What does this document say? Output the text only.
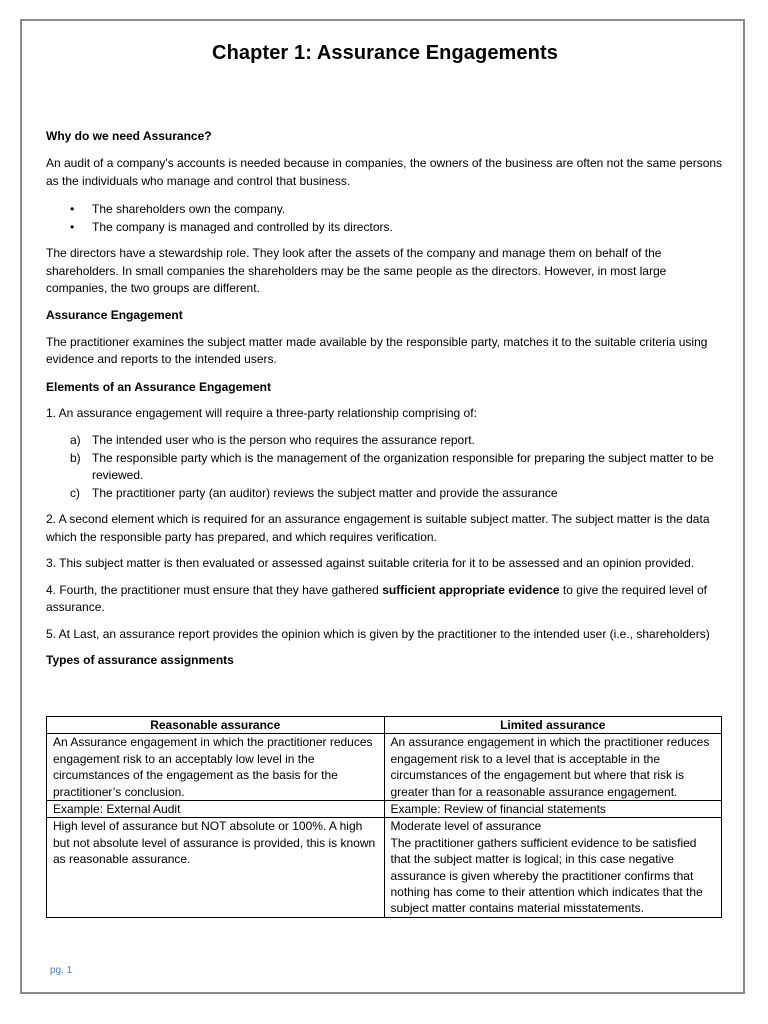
Chapter 1: Assurance Engagements
Why do we need Assurance?

An audit of a company's accounts is needed because in companies, the owners of the business are often not the same persons as the individuals who manage and control that business.

• The shareholders own the company.
• The company is managed and controlled by its directors.

The directors have a stewardship role. They look after the assets of the company and manage them on behalf of the shareholders. In small companies the shareholders may be the same people as the directors. However, in most large companies, the two groups are different.

Assurance Engagement

The practitioner examines the subject matter made available by the responsible party, matches it to the suitable criteria using evidence and reports to the intended users.

Elements of an Assurance Engagement

1. An assurance engagement will require a three-party relationship comprising of:

a) The intended user who is the person who requires the assurance report.
b) The responsible party which is the management of the organization responsible for preparing the subject matter to be reviewed.
c) The practitioner party (an auditor) reviews the subject matter and provide the assurance

2. A second element which is required for an assurance engagement is suitable subject matter. The subject matter is the data which the responsible party has prepared, and which requires verification.

3. This subject matter is then evaluated or assessed against suitable criteria for it to be assessed and an opinion provided.

4. Fourth, the practitioner must ensure that they have gathered sufficient appropriate evidence to give the required level of assurance.

5. At Last, an assurance report provides the opinion which is given by the practitioner to the intended user (i.e., shareholders)

Types of assurance assignments
Reasonable assurance	Limited assurance
An Assurance engagement in which the practitioner reduces engagement risk to an acceptably low level in the circumstances of the engagement as the basis for the practitioner’s conclusion.	An assurance engagement in which the practitioner reduces engagement risk to a level that is acceptable in the circumstances of the engagement but where that risk is greater than for a reasonable assurance engagement.
Example: External Audit	Example: Review of financial statements
High level of assurance but NOT absolute or 100%. A high but not absolute level of assurance is provided, this is known as reasonable assurance.	Moderate level of assurance
The practitioner gathers sufficient evidence to be satisfied that the subject matter is logical; in this case negative assurance is given whereby the practitioner confirms that nothing has come to their attention which indicates that the subject matter contains material misstatements.
pg. 1
